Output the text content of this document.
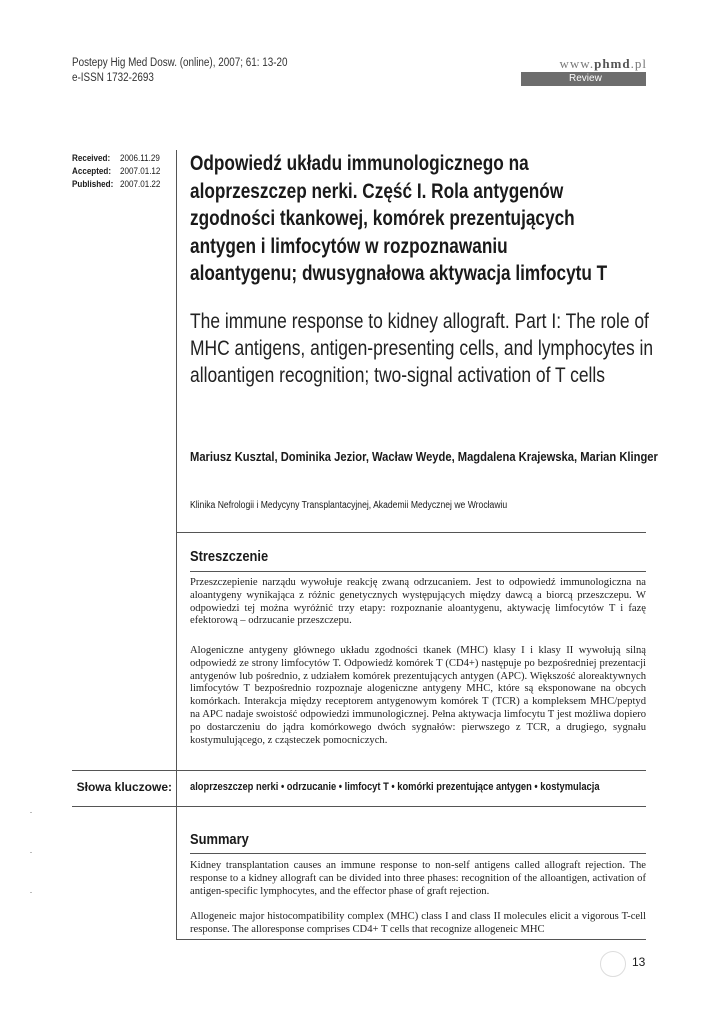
Postepy Hig Med Dosw. (online), 2007; 61: 13-20
e-ISSN 1732-2693
www.phmd.pl
Review
Received: 2006.11.29
Accepted: 2007.01.12
Published: 2007.01.22
Odpowiedź układu immunologicznego na aloprzeszczep nerki. Część I. Rola antygenów zgodności tkankowej, komórek prezentujących antygen i limfocytów w rozpoznawaniu aloantygenu; dwusygnałowa aktywacja limfocytu T
The immune response to kidney allograft. Part I: The role of MHC antigens, antigen-presenting cells, and lymphocytes in alloantigen recognition; two-signal activation of T cells
Mariusz Kusztal, Dominika Jezior, Wacław Weyde, Magdalena Krajewska, Marian Klinger
Klinika Nefrologii i Medycyny Transplantacyjnej, Akademii Medycznej we Wrocławiu
Streszczenie
Przeszczepienie narządu wywołuje reakcję zwaną odrzucaniem. Jest to odpowiedź immunologiczna na aloantygeny wynikająca z różnic genetycznych występujących między dawcą a biorcą przeszczepu. W odpowiedzi tej można wyróżnić trzy etapy: rozpoznanie aloantygenu, aktywację limfocytów T i fazę efektorową – odrzucanie przeszczepu.
Alogeniczne antygeny głównego układu zgodności tkanek (MHC) klasy I i klasy II wywołują silną odpowiedź ze strony limfocytów T. Odpowiedź komórek T (CD4+) następuje po bezpośredniej prezentacji antygenów lub pośrednio, z udziałem komórek prezentujących antygen (APC). Większość aloreaktywnych limfocytów T bezpośrednio rozpoznaje alogeniczne antygeny MHC, które są eksponowane na obcych komórkach. Interakcja między receptorem antygenowym komórek T (TCR) a kompleksem MHC/peptyd na APC nadaje swoistość odpowiedzi immunologicznej. Pełna aktywacja limfocytu T jest możliwa dopiero po dostarczeniu do jądra komórkowego dwóch sygnałów: pierwszego z TCR, a drugiego, sygnału kostymulującego, z cząsteczek pomocniczych.
Słowa kluczowe: aloprzeszczep nerki • odrzucanie • limfocyt T • komórki prezentujące antygen • kostymulacja
Summary
Kidney transplantation causes an immune response to non-self antigens called allograft rejection. The response to a kidney allograft can be divided into three phases: recognition of the alloantigen, activation of antigen-specific lymphocytes, and the effector phase of graft rejection.
Allogeneic major histocompatibility complex (MHC) class I and class II molecules elicit a vigorous T-cell response. The alloresponse comprises CD4+ T cells that recognize allogeneic MHC
13
